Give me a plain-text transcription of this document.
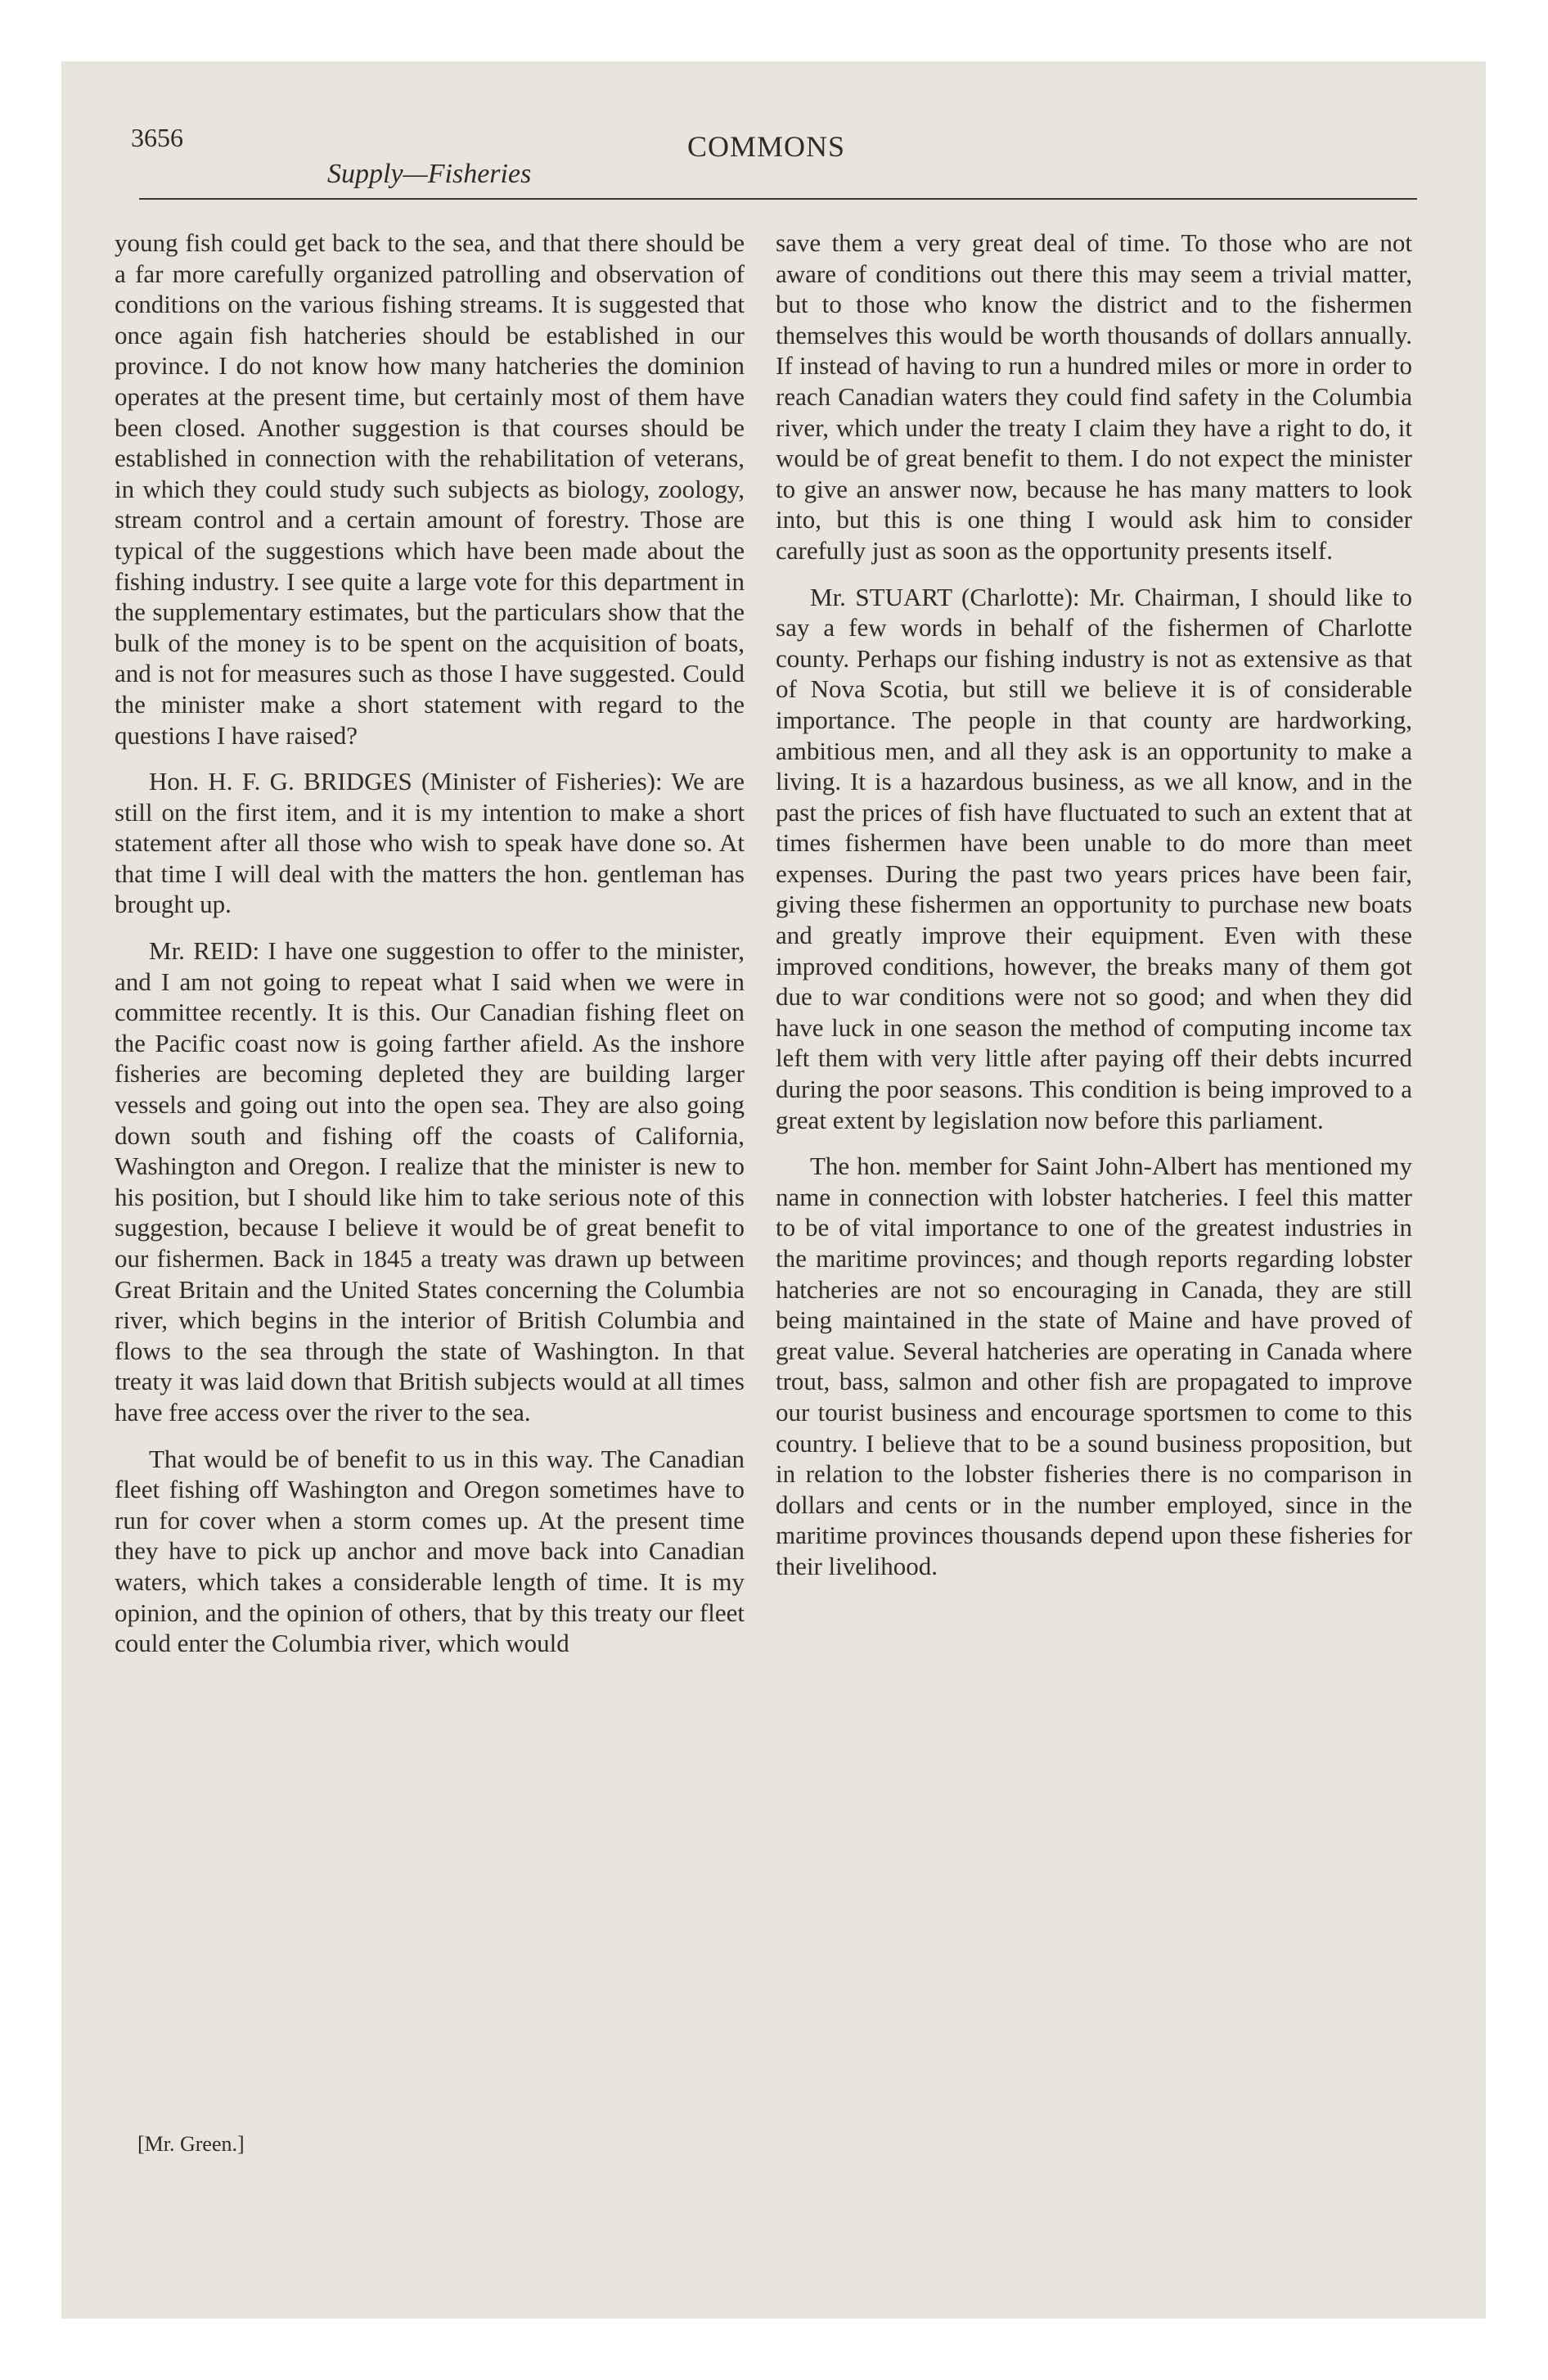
3656	COMMONS
Supply—Fisheries

young fish could get back to the sea, and that there should be a far more carefully organized patrolling and observation of conditions on the various fishing streams. It is suggested that once again fish hatcheries should be established in our province. I do not know how many hatcheries the dominion operates at the present time, but certainly most of them have been closed. Another suggestion is that courses should be established in connection with the rehabilitation of veterans, in which they could study such subjects as biology, zoology, stream control and a certain amount of forestry. Those are typical of the suggestions which have been made about the fishing industry. I see quite a large vote for this department in the supplementary estimates, but the particulars show that the bulk of the money is to be spent on the acquisition of boats, and is not for measures such as those I have suggested. Could the minister make a short statement with regard to the questions I have raised?

Hon. H. F. G. BRIDGES (Minister of Fisheries): We are still on the first item, and it is my intention to make a short statement after all those who wish to speak have done so. At that time I will deal with the matters the hon. gentleman has brought up.

Mr. REID: I have one suggestion to offer to the minister, and I am not going to repeat what I said when we were in committee recently. It is this. Our Canadian fishing fleet on the Pacific coast now is going farther afield. As the inshore fisheries are becoming depleted they are building larger vessels and going out into the open sea. They are also going down south and fishing off the coasts of California, Washington and Oregon. I realize that the minister is new to his position, but I should like him to take serious note of this suggestion, because I believe it would be of great benefit to our fishermen. Back in 1845 a treaty was drawn up between Great Britain and the United States concerning the Columbia river, which begins in the interior of British Columbia and flows to the sea through the state of Washington. In that treaty it was laid down that British subjects would at all times have free access over the river to the sea.

That would be of benefit to us in this way. The Canadian fleet fishing off Washington and Oregon sometimes have to run for cover when a storm comes up. At the present time they have to pick up anchor and move back into Canadian waters, which takes a considerable length of time. It is my opinion, and the opinion of others, that by this treaty our fleet could enter the Columbia river, which would

save them a very great deal of time. To those who are not aware of conditions out there this may seem a trivial matter, but to those who know the district and to the fishermen themselves this would be worth thousands of dollars annually. If instead of having to run a hundred miles or more in order to reach Canadian waters they could find safety in the Columbia river, which under the treaty I claim they have a right to do, it would be of great benefit to them. I do not expect the minister to give an answer now, because he has many matters to look into, but this is one thing I would ask him to consider carefully just as soon as the opportunity presents itself.

Mr. STUART (Charlotte): Mr. Chairman, I should like to say a few words in behalf of the fishermen of Charlotte county. Perhaps our fishing industry is not as extensive as that of Nova Scotia, but still we believe it is of considerable importance. The people in that county are hardworking, ambitious men, and all they ask is an opportunity to make a living. It is a hazardous business, as we all know, and in the past the prices of fish have fluctuated to such an extent that at times fishermen have been unable to do more than meet expenses. During the past two years prices have been fair, giving these fishermen an opportunity to purchase new boats and greatly improve their equipment. Even with these improved conditions, however, the breaks many of them got due to war conditions were not so good; and when they did have luck in one season the method of computing income tax left them with very little after paying off their debts incurred during the poor seasons. This condition is being improved to a great extent by legislation now before this parliament.

The hon. member for Saint John-Albert has mentioned my name in connection with lobster hatcheries. I feel this matter to be of vital importance to one of the greatest industries in the maritime provinces; and though reports regarding lobster hatcheries are not so encouraging in Canada, they are still being maintained in the state of Maine and have proved of great value. Several hatcheries are operating in Canada where trout, bass, salmon and other fish are propagated to improve our tourist business and encourage sportsmen to come to this country. I believe that to be a sound business proposition, but in relation to the lobster fisheries there is no comparison in dollars and cents or in the number employed, since in the maritime provinces thousands depend upon these fisheries for their livelihood.

[Mr. Green.]
